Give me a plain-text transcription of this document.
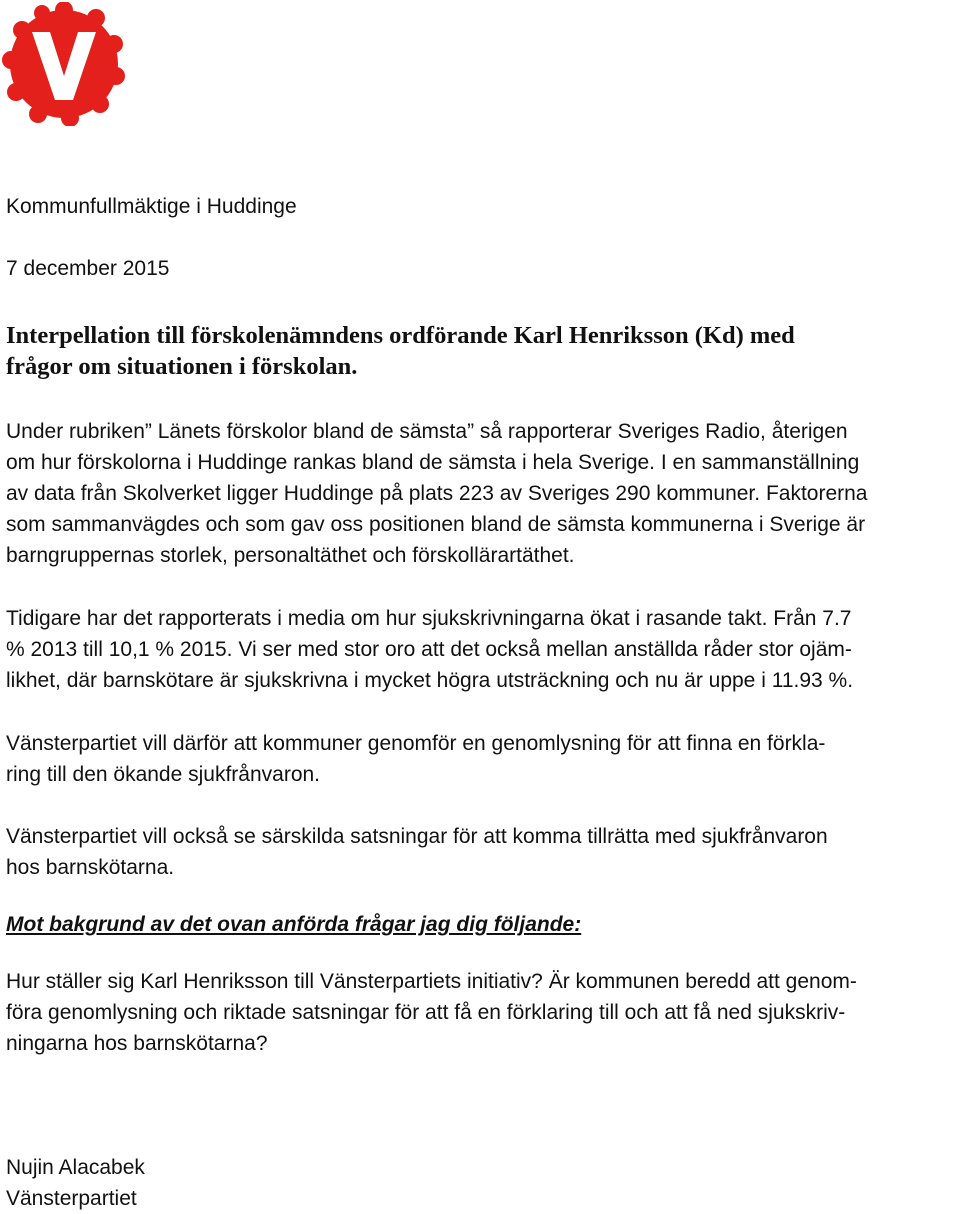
Kommunfullmäktige i Huddinge
7 december 2015
Interpellation till förskolenämndens ordförande Karl Henriksson (Kd) med
frågor om situationen i förskolan.
Under rubriken” Länets förskolor bland de sämsta” så rapporterar Sveriges Radio, återigen
om hur förskolorna i Huddinge rankas bland de sämsta i hela Sverige. I en sammanställning
av data från Skolverket ligger Huddinge på plats 223 av Sveriges 290 kommuner. Faktorerna
som sammanvägdes och som gav oss positionen bland de sämsta kommunerna i Sverige är
barngruppernas storlek, personaltäthet och förskollärartäthet.
Tidigare har det rapporterats i media om hur sjukskrivningarna ökat i rasande takt. Från 7.7
% 2013 till 10,1 % 2015. Vi ser med stor oro att det också mellan anställda råder stor ojäm-
likhet, där barnskötare är sjukskrivna i mycket högra utsträckning och nu är uppe i 11.93 %.
Vänsterpartiet vill därför att kommuner genomför en genomlysning för att finna en förkla-
ring till den ökande sjukfrånvaron.
Vänsterpartiet vill också se särskilda satsningar för att komma tillrätta med sjukfrånvaron
hos barnskötarna.
Mot bakgrund av det ovan anförda frågar jag dig följande:
Hur ställer sig Karl Henriksson till Vänsterpartiets initiativ? Är kommunen beredd att genom-
föra genomlysning och riktade satsningar för att få en förklaring till och att få ned sjukskriv-
ningarna hos barnskötarna?
Nujin Alacabek
Vänsterpartiet
